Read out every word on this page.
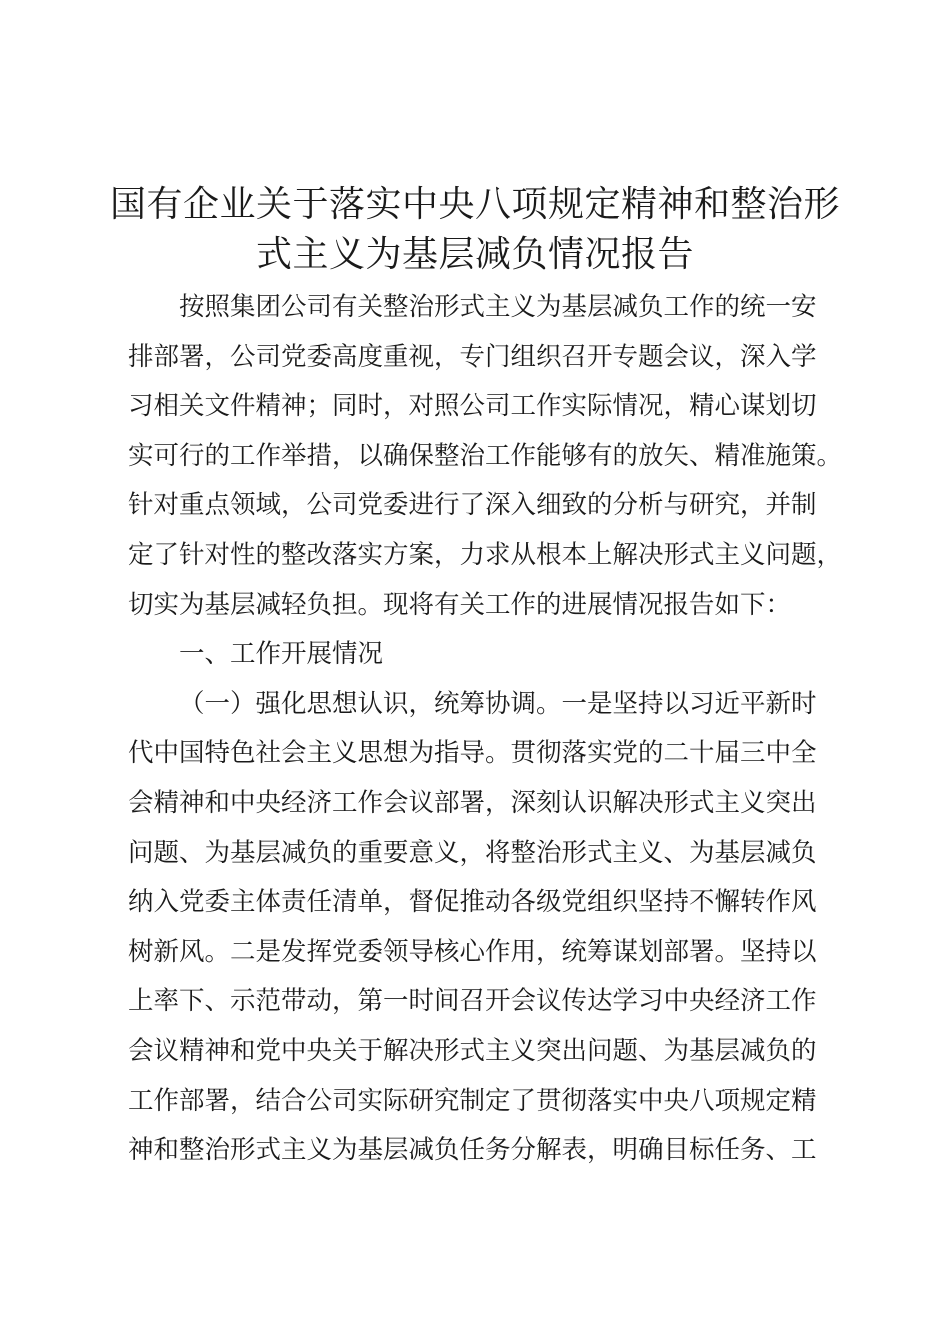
国有企业关于落实中央八项规定精神和整治形
式主义为基层减负情况报告
按照集团公司有关整治形式主义为基层减负工作的统一安
排部署，公司党委高度重视，专门组织召开专题会议，深入学
习相关文件精神；同时，对照公司工作实际情况，精心谋划切
实可行的工作举措，以确保整治工作能够有的放矢、精准施策。
针对重点领域，公司党委进行了深入细致的分析与研究，并制
定了针对性的整改落实方案，力求从根本上解决形式主义问题，
切实为基层减轻负担。现将有关工作的进展情况报告如下：
一、工作开展情况
（一）强化思想认识，统筹协调。一是坚持以习近平新时
代中国特色社会主义思想为指导。贯彻落实党的二十届三中全
会精神和中央经济工作会议部署，深刻认识解决形式主义突出
问题、为基层减负的重要意义，将整治形式主义、为基层减负
纳入党委主体责任清单，督促推动各级党组织坚持不懈转作风
树新风。二是发挥党委领导核心作用，统筹谋划部署。坚持以
上率下、示范带动，第一时间召开会议传达学习中央经济工作
会议精神和党中央关于解决形式主义突出问题、为基层减负的
工作部署，结合公司实际研究制定了贯彻落实中央八项规定精
神和整治形式主义为基层减负任务分解表，明确目标任务、工
